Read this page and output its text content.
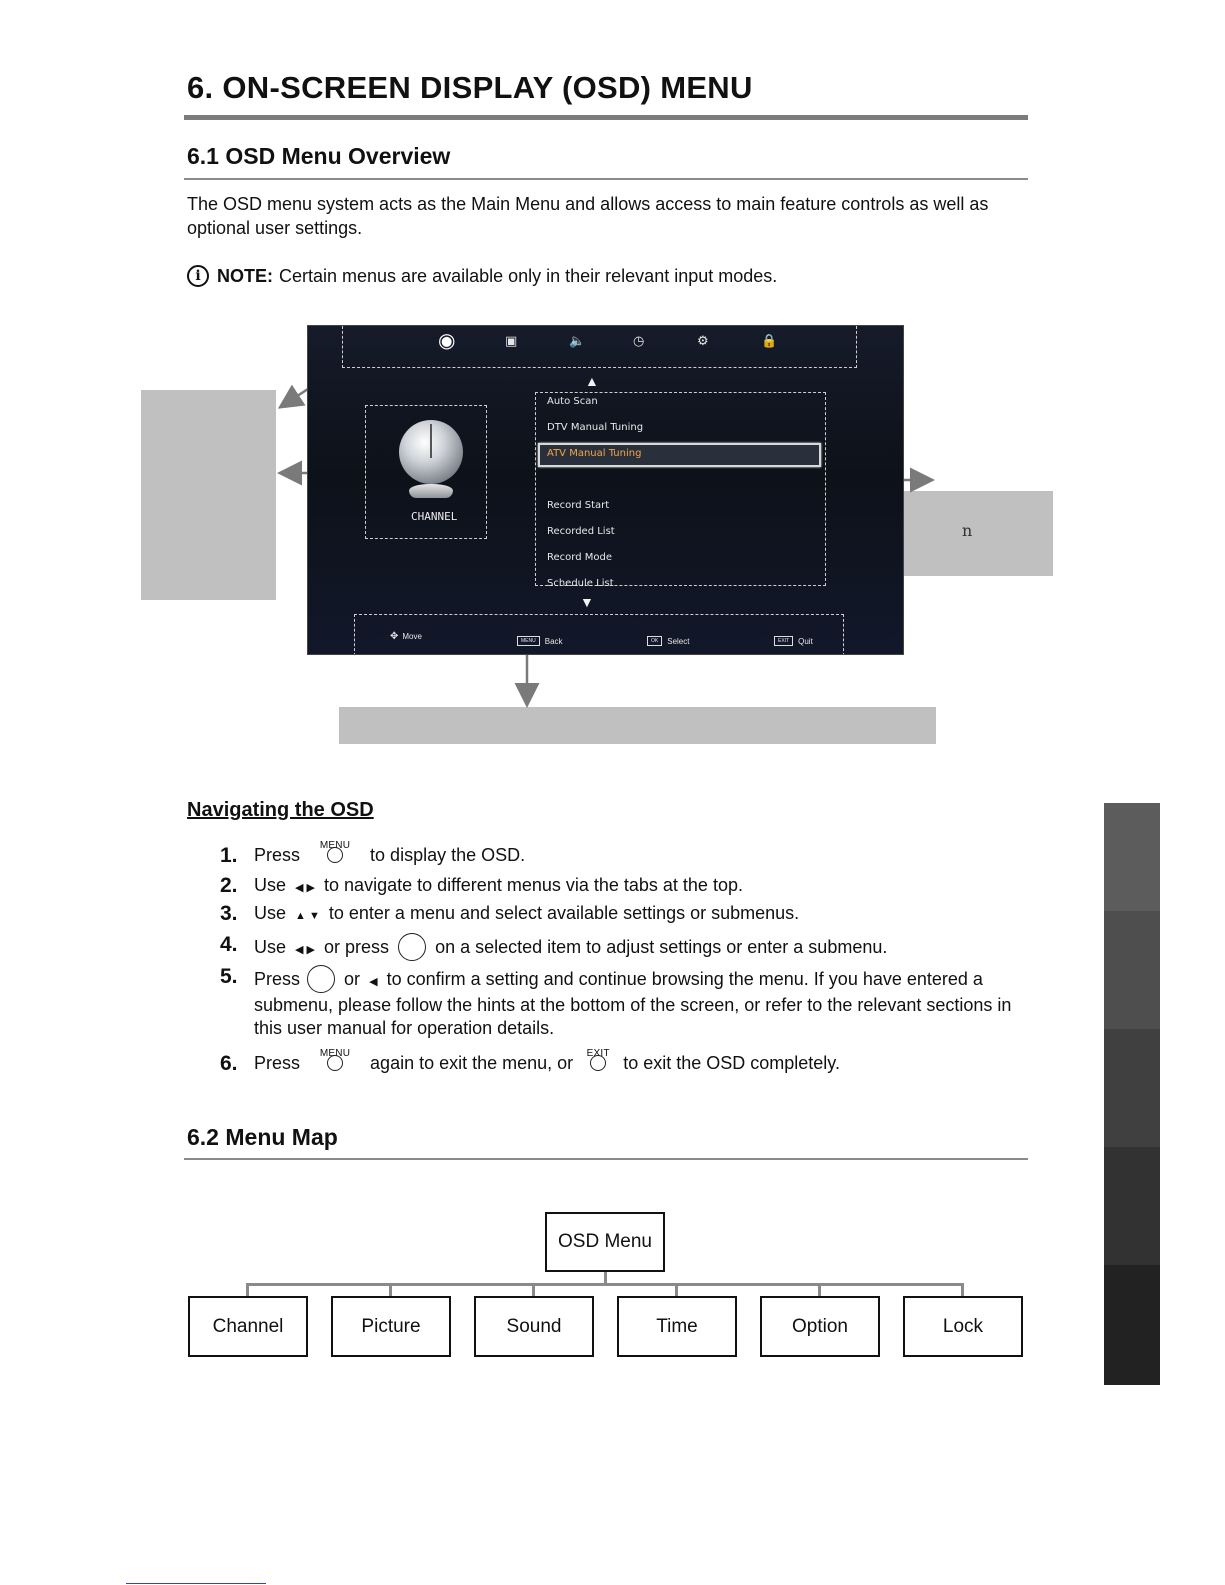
6. ON-SCREEN DISPLAY (OSD) MENU
6.1 OSD Menu Overview
The OSD menu system acts as the Main Menu and allows access to main feature controls as well as optional user settings.
i NOTE: Certain menus are available only in their relevant input modes.
n
◉	▣	🔈	◷	⚙	🔒
CHANNEL
▲
Auto Scan
DTV Manual Tuning
ATV Manual Tuning
Record Start
Recorded List
Record Mode
Schedule List
▼
✥ Move	MENU	Back	OK	Select	EXIT	Quit
Navigating the OSD
1. Press MENU to display the OSD.
2. Use ◀ ▶ to navigate to different menus via the tabs at the top.
3. Use ▲ ▼ to enter a menu and select available settings or submenus.
4. Use ◀ ▶ or press	on a selected item to adjust settings or enter a submenu.
5. Press or ◀ to confirm a setting and continue browsing the menu. If you have entered a submenu, please follow the hints at the bottom of the screen, or refer to the relevant sections in this user manual for operation details.
6. Press MENU again to exit the menu, or EXIT to exit the OSD completely.
6.2 Menu Map
OSD Menu
Channel	Picture	Sound	Time	Option	Lock
